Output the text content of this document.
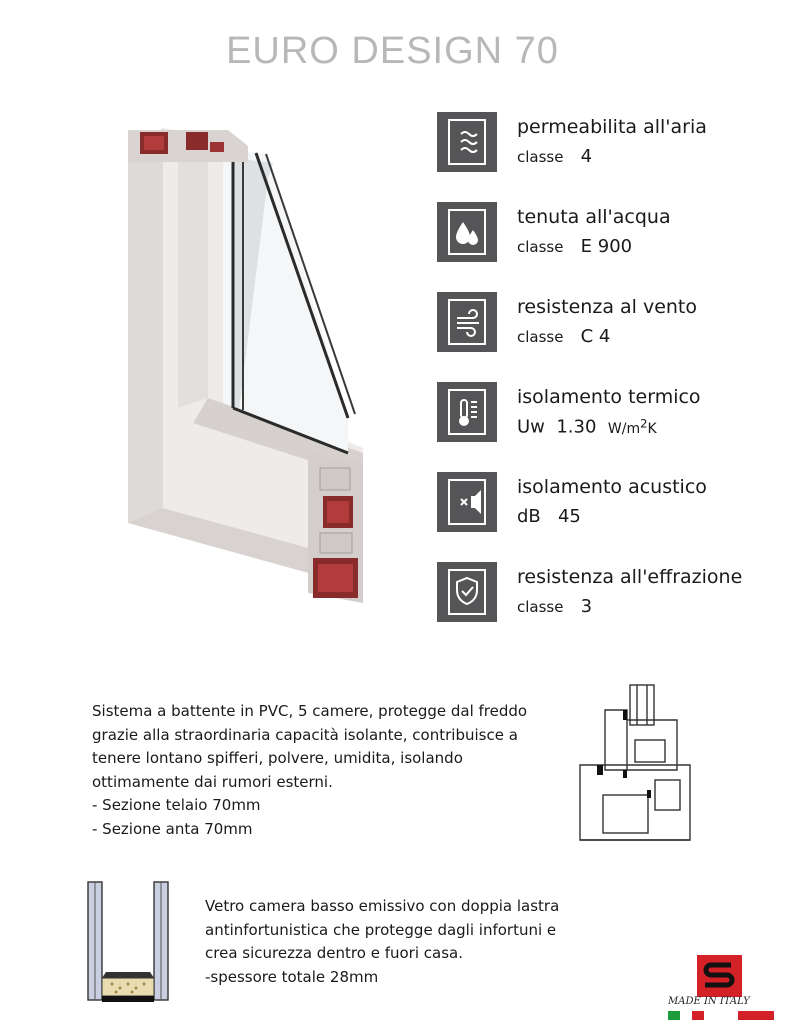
EURO DESIGN 70
permeabilita all'aria
classe 4
tenuta all'acqua
classe E 900
resistenza al vento
classe C 4
isolamento termico
Uw 1.30 $W/m^2K$
isolamento acustico
dB 45
resistenza all'effrazione
classe 3
Sistema a battente in PVC, 5 camere, protegge dal freddo
grazie alla straordinaria capacità isolante, contribuisce a
tenere lontano spifferi, polvere, umidita, isolando
ottimamente dai rumori esterni.
- Sezione telaio 70mm
- Sezione anta 70mm
Vetro camera basso emissivo con doppia lastra
antinfortunistica che protegge dagli infortuni e
crea sicurezza dentro e fuori casa.
-spessore totale 28mm
MADE IN ITALY
